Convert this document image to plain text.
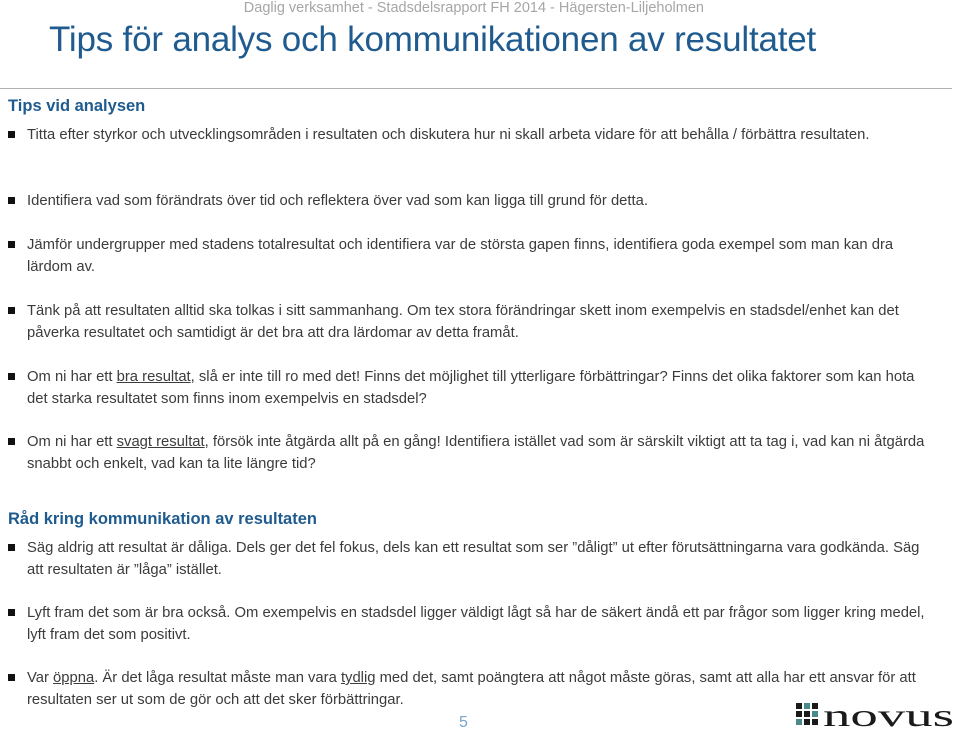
Daglig verksamhet - Stadsdelsrapport FH 2014 - Hägersten-Liljeholmen
Tips för analys och kommunikationen av resultatet
Tips vid analysen
Titta efter styrkor och utvecklingsområden i resultaten och diskutera hur ni skall arbeta vidare för att behålla / förbättra resultaten.
Identifiera vad som förändrats över tid och reflektera över vad som kan ligga till grund för detta.
Jämför undergrupper med stadens totalresultat och identifiera var de största gapen finns, identifiera goda exempel som man kan dra lärdom av.
Tänk på att resultaten alltid ska tolkas i sitt sammanhang. Om tex stora förändringar skett inom exempelvis en stadsdel/enhet kan det påverka resultatet och samtidigt är det bra att dra lärdomar av detta framåt.
Om ni har ett bra resultat, slå er inte till ro med det! Finns det möjlighet till ytterligare förbättringar? Finns det olika faktorer som kan hota det starka resultatet som finns inom exempelvis en stadsdel?
Om ni har ett svagt resultat, försök inte åtgärda allt på en gång! Identifiera istället vad som är särskilt viktigt att ta tag i, vad kan ni åtgärda snabbt och enkelt, vad kan ta lite längre tid?
Råd kring kommunikation av resultaten
Säg aldrig att resultat är dåliga. Dels ger det fel fokus, dels kan ett resultat som ser ”dåligt” ut efter förutsättningarna vara godkända. Säg att resultaten är ”låga” istället.
Lyft fram det som är bra också. Om exempelvis en stadsdel ligger väldigt lågt så har de säkert ändå ett par frågor som ligger kring medel, lyft fram det som positivt.
Var öppna. Är det låga resultat måste man vara tydlig med det, samt poängtera att något måste göras, samt att alla har ett ansvar för att resultaten ser ut som de gör och att det sker förbättringar.
5	novus
